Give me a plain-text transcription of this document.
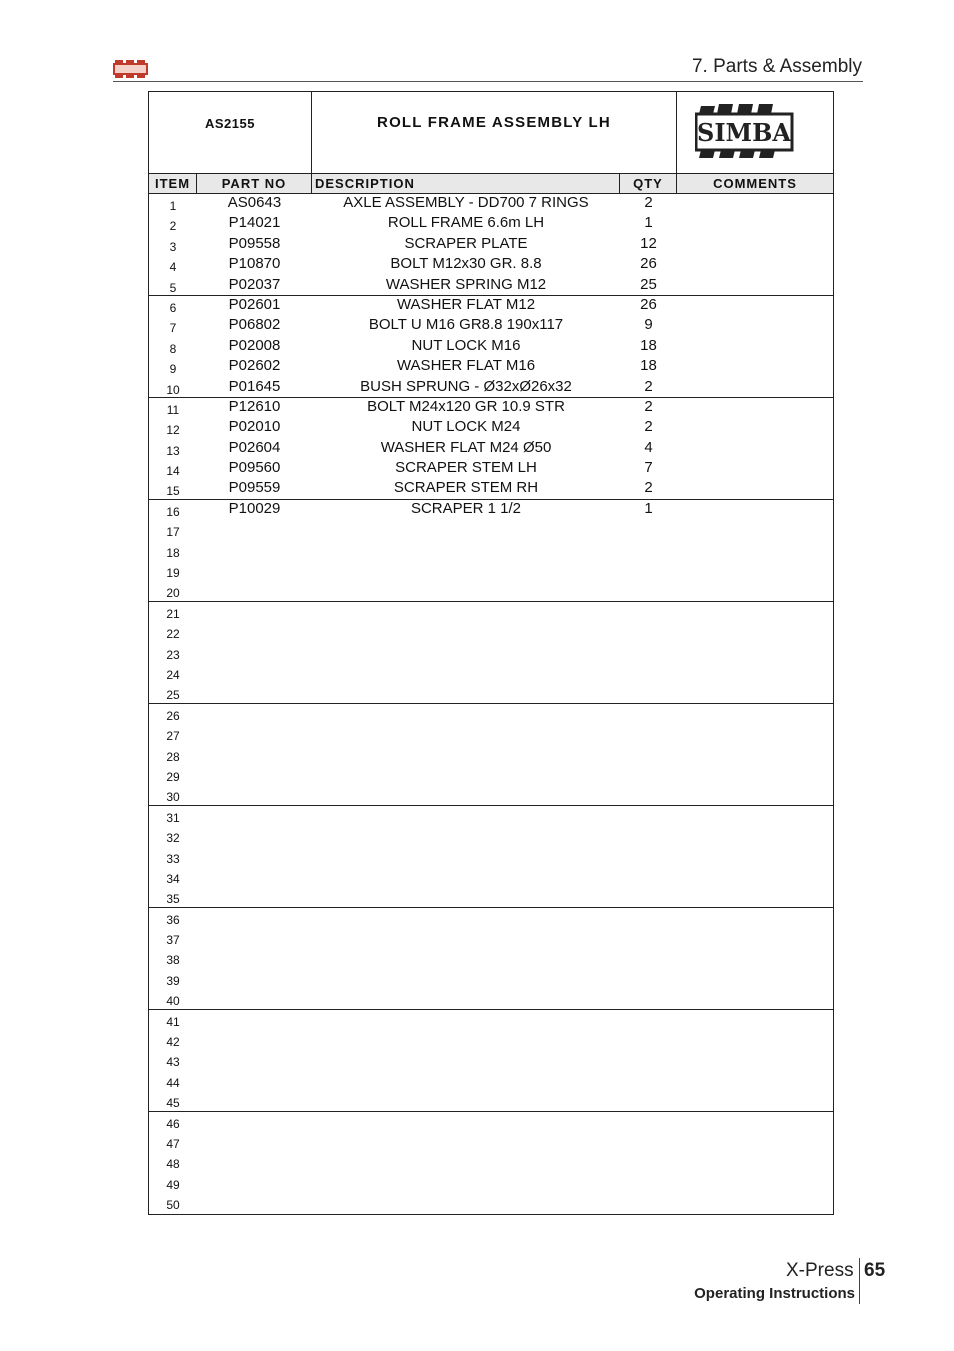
7. Parts & Assembly
AS2155	ROLL FRAME ASSEMBLY LH	SIMBA
ITEM	PART NO	DESCRIPTION	QTY	COMMENTS
1	AS0643	AXLE ASSEMBLY - DD700 7 RINGS	2
2	P14021	ROLL FRAME 6.6m LH	1
3	P09558	SCRAPER PLATE	12
4	P10870	BOLT M12x30 GR. 8.8	26
5	P02037	WASHER SPRING M12	25
6	P02601	WASHER FLAT M12	26
7	P06802	BOLT U M16 GR8.8 190x117	9
8	P02008	NUT LOCK M16	18
9	P02602	WASHER FLAT M16	18
10	P01645	BUSH SPRUNG - Ø32xØ26x32	2
11	P12610	BOLT M24x120 GR 10.9 STR	2
12	P02010	NUT LOCK M24	2
13	P02604	WASHER FLAT M24 Ø50	4
14	P09560	SCRAPER STEM LH	7
15	P09559	SCRAPER STEM RH	2
16	P10029	SCRAPER 1 1/2	1
17
18
19
20
21
22
23
24
25
26
27
28
29
30
31
32
33
34
35
36
37
38
39
40
41
42
43
44
45
46
47
48
49
50
X-Press 65
Operating Instructions
